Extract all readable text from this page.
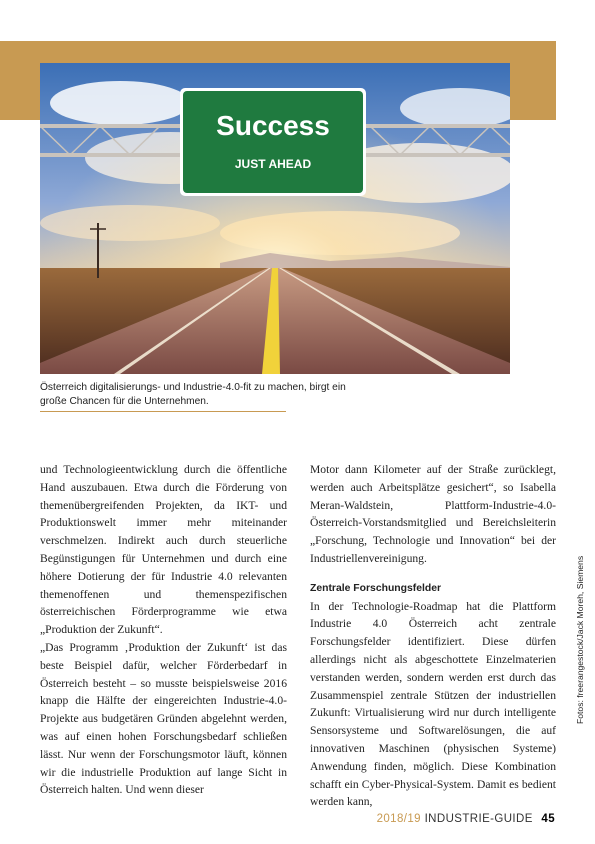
Success
JUST AHEAD
Österreich digitalisierungs- und Industrie-4.0-fit zu machen, birgt ein große Chancen für die Unternehmen.

und Technologieentwicklung durch die öffentliche Hand auszubauen. Etwa durch die Förderung von themenübergreifenden Projekten, da IKT- und Produktionswelt immer mehr miteinander verschmelzen. Indirekt auch durch steuerliche Begünstigungen für Unternehmen und durch eine höhere Dotierung der für Industrie 4.0 relevanten themenoffenen und themenspezifischen österreichischen Förderprogramme wie etwa „Produktion der Zukunft“.

„Das Programm ‚Produktion der Zukunft‘ ist das beste Beispiel dafür, welcher Förderbedarf in Österreich besteht – so musste beispielsweise 2016 knapp die Hälfte der eingereichten Industrie-4.0-Projekte aus budgetären Gründen abgelehnt werden, was auf einen hohen Forschungsbedarf schließen lässt. Nur wenn der Forschungsmotor läuft, können wir die industrielle Produktion auf lange Sicht in Österreich halten. Und wenn dieser

Motor dann Kilometer auf der Straße zurücklegt, werden auch Arbeitsplätze gesichert“, so Isabella Meran-Waldstein, Plattform-Industrie-4.0-Österreich-Vorstandsmitglied und Bereichsleiterin „Forschung, Technologie und Innovation“ bei der Industriellenvereinigung.

Zentrale Forschungsfelder

In der Technologie-Roadmap hat die Plattform Industrie 4.0 Österreich acht zentrale Forschungsfelder identifiziert. Diese dürfen allerdings nicht als abgeschottete Einzelmaterien verstanden werden, sondern werden erst durch das Zusammenspiel zentrale Stützen der industriellen Zukunft: Virtualisierung wird nur durch intelligente Sensorsysteme und Softwarelösungen, die auf innovativen Maschinen (physischen Systeme) Anwendung finden, möglich. Diese Kombination schafft ein Cyber-Physical-System. Damit es bedient werden kann,

Fotos: freerangestock/Jack Moreh, Siemens
2018/19 INDUSTRIE-GUIDE 45
